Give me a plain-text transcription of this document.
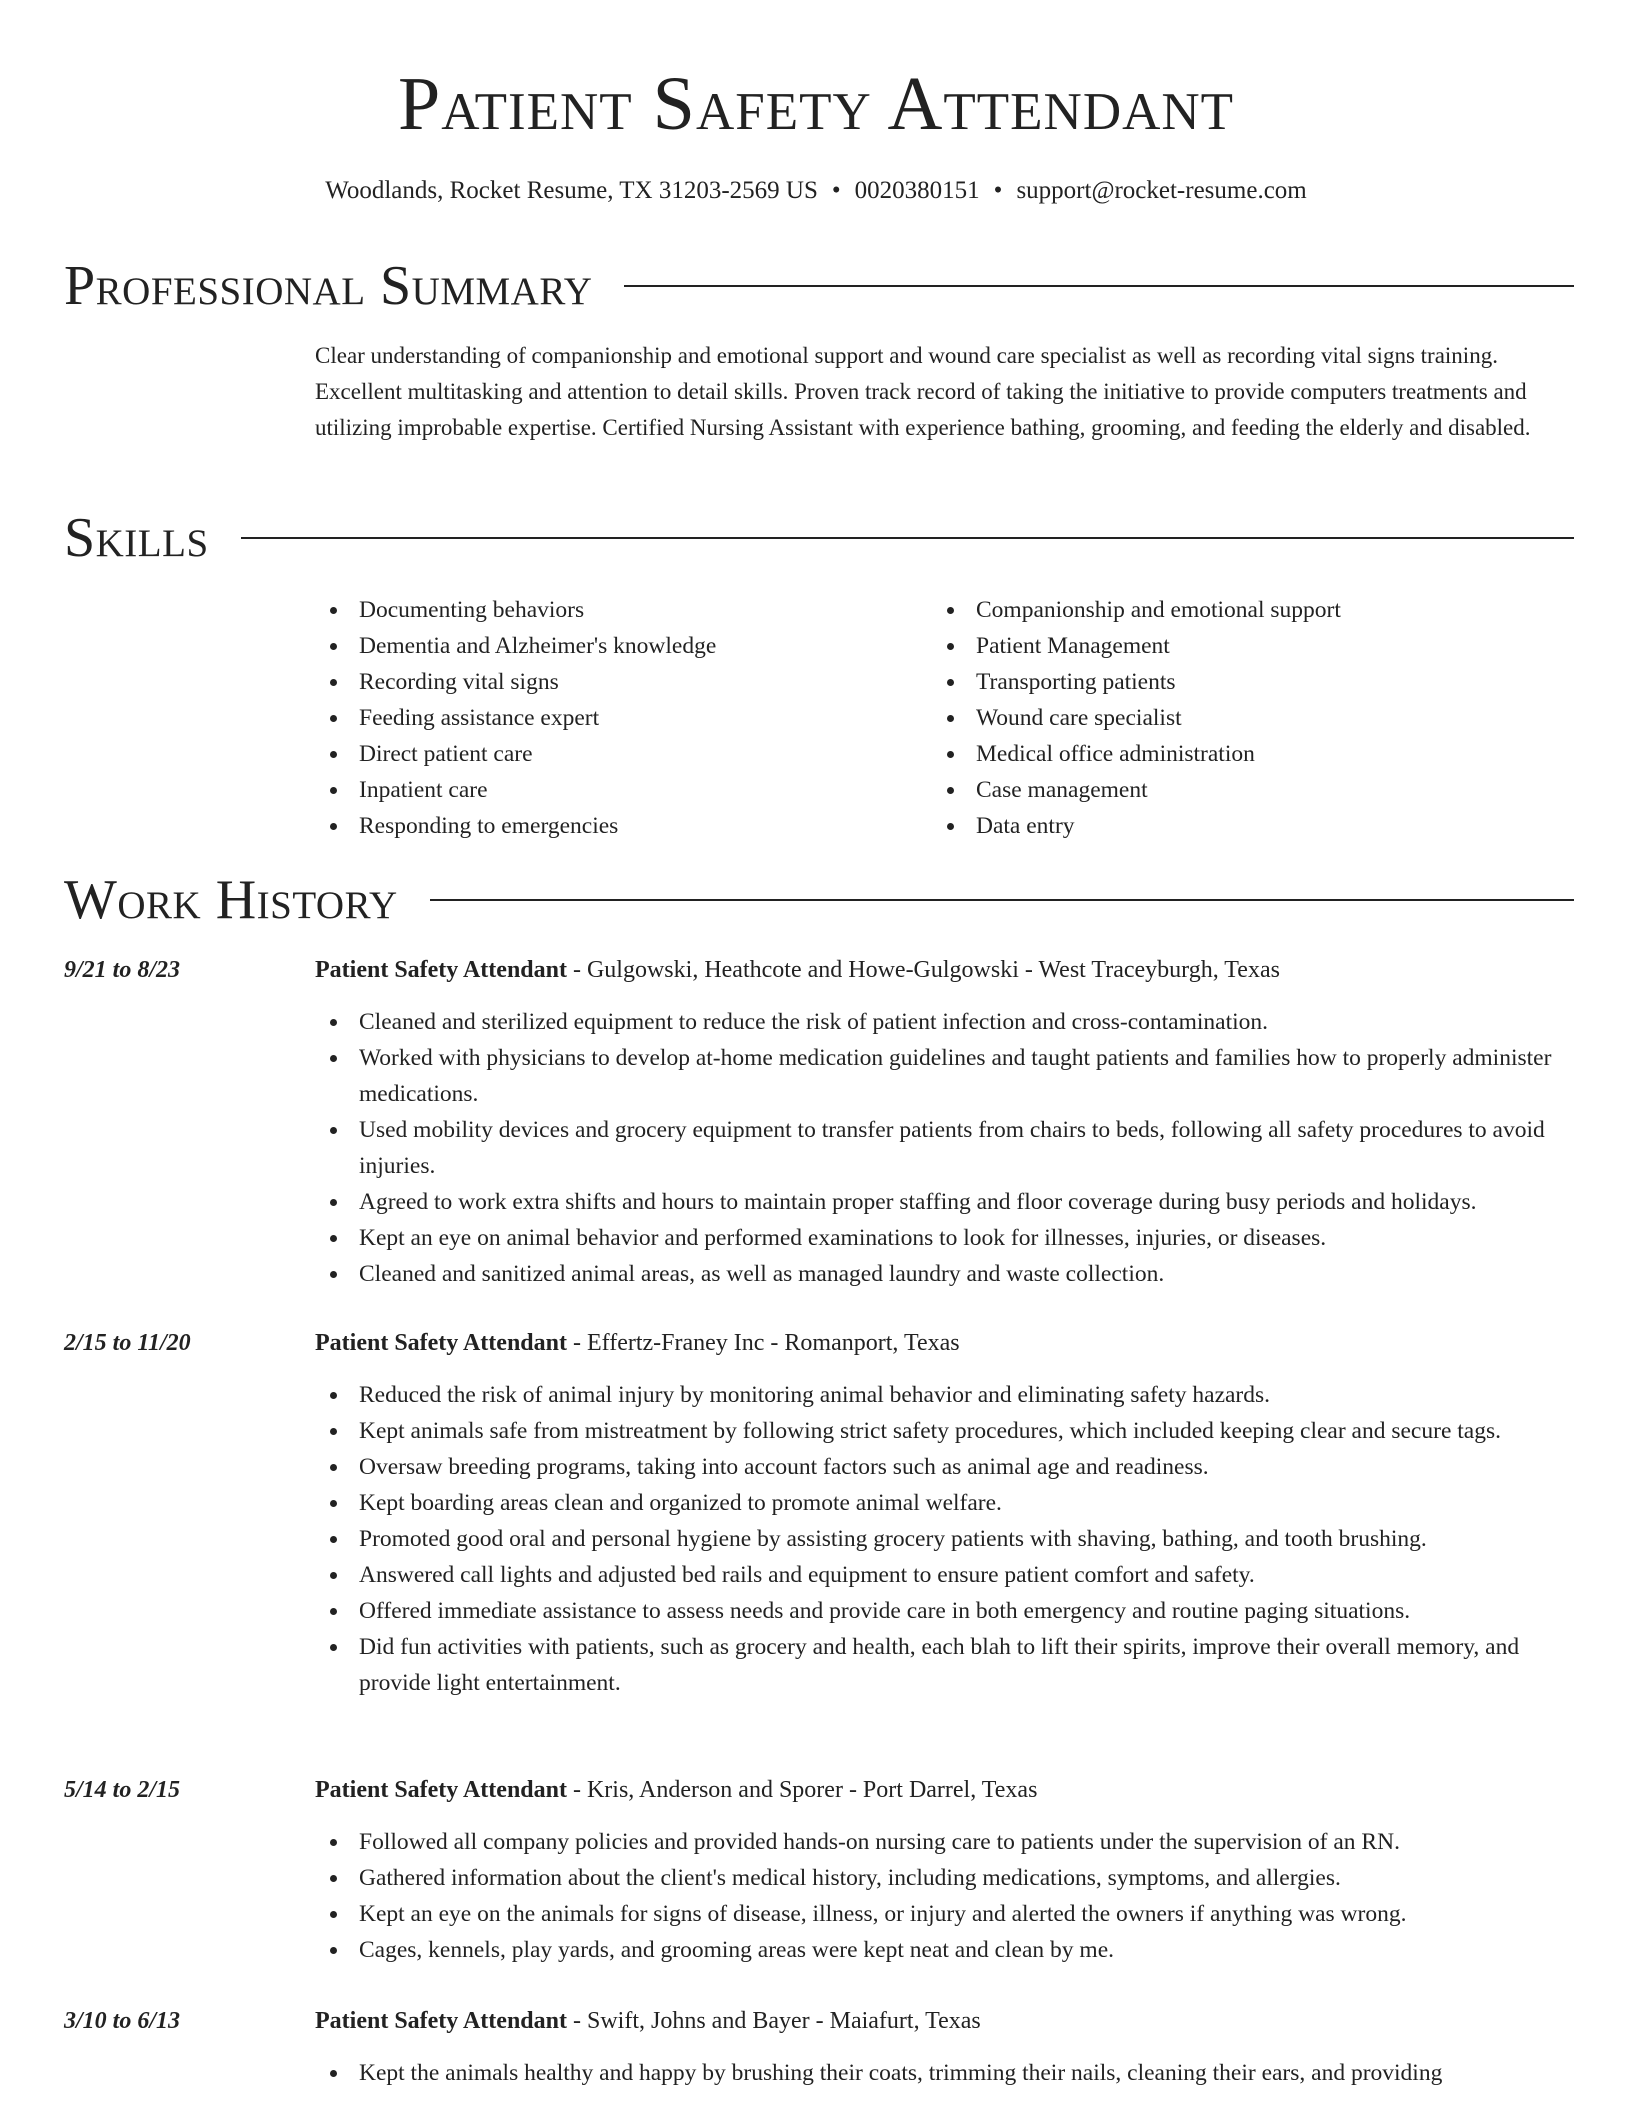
Patient Safety Attendant
Woodlands, Rocket Resume, TX 31203-2569 US • 0020380151 • support@rocket-resume.com
Professional Summary
Clear understanding of companionship and emotional support and wound care specialist as well as recording vital signs training. Excellent multitasking and attention to detail skills. Proven track record of taking the initiative to provide computers treatments and utilizing improbable expertise. Certified Nursing Assistant with experience bathing, grooming, and feeding the elderly and disabled.
Skills
Documenting behaviors
Dementia and Alzheimer's knowledge
Recording vital signs
Feeding assistance expert
Direct patient care
Inpatient care
Responding to emergencies
Companionship and emotional support
Patient Management
Transporting patients
Wound care specialist
Medical office administration
Case management
Data entry
Work History
9/21 to 8/23	Patient Safety Attendant - Gulgowski, Heathcote and Howe-Gulgowski - West Traceyburgh, Texas
Cleaned and sterilized equipment to reduce the risk of patient infection and cross-contamination.
Worked with physicians to develop at-home medication guidelines and taught patients and families how to properly administer medications.
Used mobility devices and grocery equipment to transfer patients from chairs to beds, following all safety procedures to avoid injuries.
Agreed to work extra shifts and hours to maintain proper staffing and floor coverage during busy periods and holidays.
Kept an eye on animal behavior and performed examinations to look for illnesses, injuries, or diseases.
Cleaned and sanitized animal areas, as well as managed laundry and waste collection.
2/15 to 11/20	Patient Safety Attendant - Effertz-Franey Inc - Romanport, Texas
Reduced the risk of animal injury by monitoring animal behavior and eliminating safety hazards.
Kept animals safe from mistreatment by following strict safety procedures, which included keeping clear and secure tags.
Oversaw breeding programs, taking into account factors such as animal age and readiness.
Kept boarding areas clean and organized to promote animal welfare.
Promoted good oral and personal hygiene by assisting grocery patients with shaving, bathing, and tooth brushing.
Answered call lights and adjusted bed rails and equipment to ensure patient comfort and safety.
Offered immediate assistance to assess needs and provide care in both emergency and routine paging situations.
Did fun activities with patients, such as grocery and health, each blah to lift their spirits, improve their overall memory, and provide light entertainment.
5/14 to 2/15	Patient Safety Attendant - Kris, Anderson and Sporer - Port Darrel, Texas
Followed all company policies and provided hands-on nursing care to patients under the supervision of an RN.
Gathered information about the client's medical history, including medications, symptoms, and allergies.
Kept an eye on the animals for signs of disease, illness, or injury and alerted the owners if anything was wrong.
Cages, kennels, play yards, and grooming areas were kept neat and clean by me.
3/10 to 6/13	Patient Safety Attendant - Swift, Johns and Bayer - Maiafurt, Texas
Kept the animals healthy and happy by brushing their coats, trimming their nails, cleaning their ears, and providing
